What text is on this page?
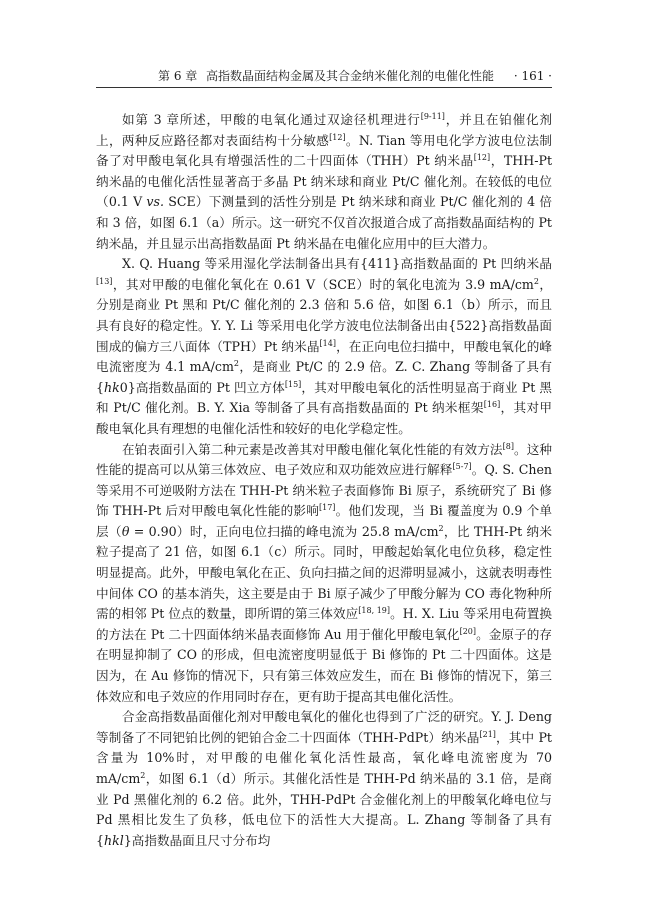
第 6 章 高指数晶面结构金属及其合金纳米催化剂的电催化性能 · 161 ·

如第 3 章所述，甲酸的电氧化通过双途径机理进行[9-11]，并且在铂催化剂上，两种反应路径都对表面结构十分敏感[12]。N. Tian 等用电化学方波电位法制备了对甲酸电氧化具有增强活性的二十四面体（THH）Pt 纳米晶[12]，THH-Pt 纳米晶的电催化活性显著高于多晶 Pt 纳米球和商业 Pt/C 催化剂。在较低的电位（0.1 V vs. SCE）下测量到的活性分别是 Pt 纳米球和商业 Pt/C 催化剂的 4 倍和 3 倍，如图 6.1（a）所示。这一研究不仅首次报道合成了高指数晶面结构的 Pt 纳米晶，并且显示出高指数晶面 Pt 纳米晶在电催化应用中的巨大潜力。

X. Q. Huang 等采用湿化学法制备出具有{411}高指数晶面的 Pt 凹纳米晶[13]，其对甲酸的电催化氧化在 0.61 V（SCE）时的氧化电流为 3.9 $mA/cm^2$，分别是商业 Pt 黑和 Pt/C 催化剂的 2.3 倍和 5.6 倍，如图 6.1（b）所示，而且具有良好的稳定性。Y. Y. Li 等采用电化学方波电位法制备出由{522}高指数晶面围成的偏方三八面体（TPH）Pt 纳米晶[14]，在正向电位扫描中，甲酸电氧化的峰电流密度为 4.1 $mA/cm^2$，是商业 Pt/C 的 2.9 倍。Z. C. Zhang 等制备了具有{hk0}高指数晶面的 Pt 凹立方体[15]，其对甲酸电氧化的活性明显高于商业 Pt 黑和 Pt/C 催化剂。B. Y. Xia 等制备了具有高指数晶面的 Pt 纳米框架[16]，其对甲酸电氧化具有理想的电催化活性和较好的电化学稳定性。

在铂表面引入第二种元素是改善其对甲酸电催化氧化性能的有效方法[8]。这种性能的提高可以从第三体效应、电子效应和双功能效应进行解释[5-7]。Q. S. Chen 等采用不可逆吸附方法在 THH-Pt 纳米粒子表面修饰 Bi 原子，系统研究了 Bi 修饰 THH-Pt 后对甲酸电氧化性能的影响[17]。他们发现，当 Bi 覆盖度为 0.9 个单层（θ = 0.90）时，正向电位扫描的峰电流为 25.8 $mA/cm^2$，比 THH-Pt 纳米粒子提高了 21 倍，如图 6.1（c）所示。同时，甲酸起始氧化电位负移，稳定性明显提高。此外，甲酸电氧化在正、负向扫描之间的迟滞明显减小，这就表明毒性中间体 CO 的基本消失，这主要是由于 Bi 原子减少了甲酸分解为 CO 毒化物种所需的相邻 Pt 位点的数量，即所谓的第三体效应[18, 19]。H. X. Liu 等采用电荷置换的方法在 Pt 二十四面体纳米晶表面修饰 Au 用于催化甲酸电氧化[20]。金原子的存在明显抑制了 CO 的形成，但电流密度明显低于 Bi 修饰的 Pt 二十四面体。这是因为，在 Au 修饰的情况下，只有第三体效应发生，而在 Bi 修饰的情况下，第三体效应和电子效应的作用同时存在，更有助于提高其电催化活性。

合金高指数晶面催化剂对甲酸电氧化的催化也得到了广泛的研究。Y. J. Deng 等制备了不同钯铂比例的钯铂合金二十四面体（THH-PdPt）纳米晶[21]，其中 Pt 含量为 10%时，对甲酸的电催化氧化活性最高，氧化峰电流密度为 70 $mA/cm^2$，如图 6.1（d）所示。其催化活性是 THH-Pd 纳米晶的 3.1 倍，是商业 Pd 黑催化剂的 6.2 倍。此外，THH-PdPt 合金催化剂上的甲酸氧化峰电位与 Pd 黑相比发生了负移，低电位下的活性大大提高。L. Zhang 等制备了具有{hkl}高指数晶面且尺寸分布均
